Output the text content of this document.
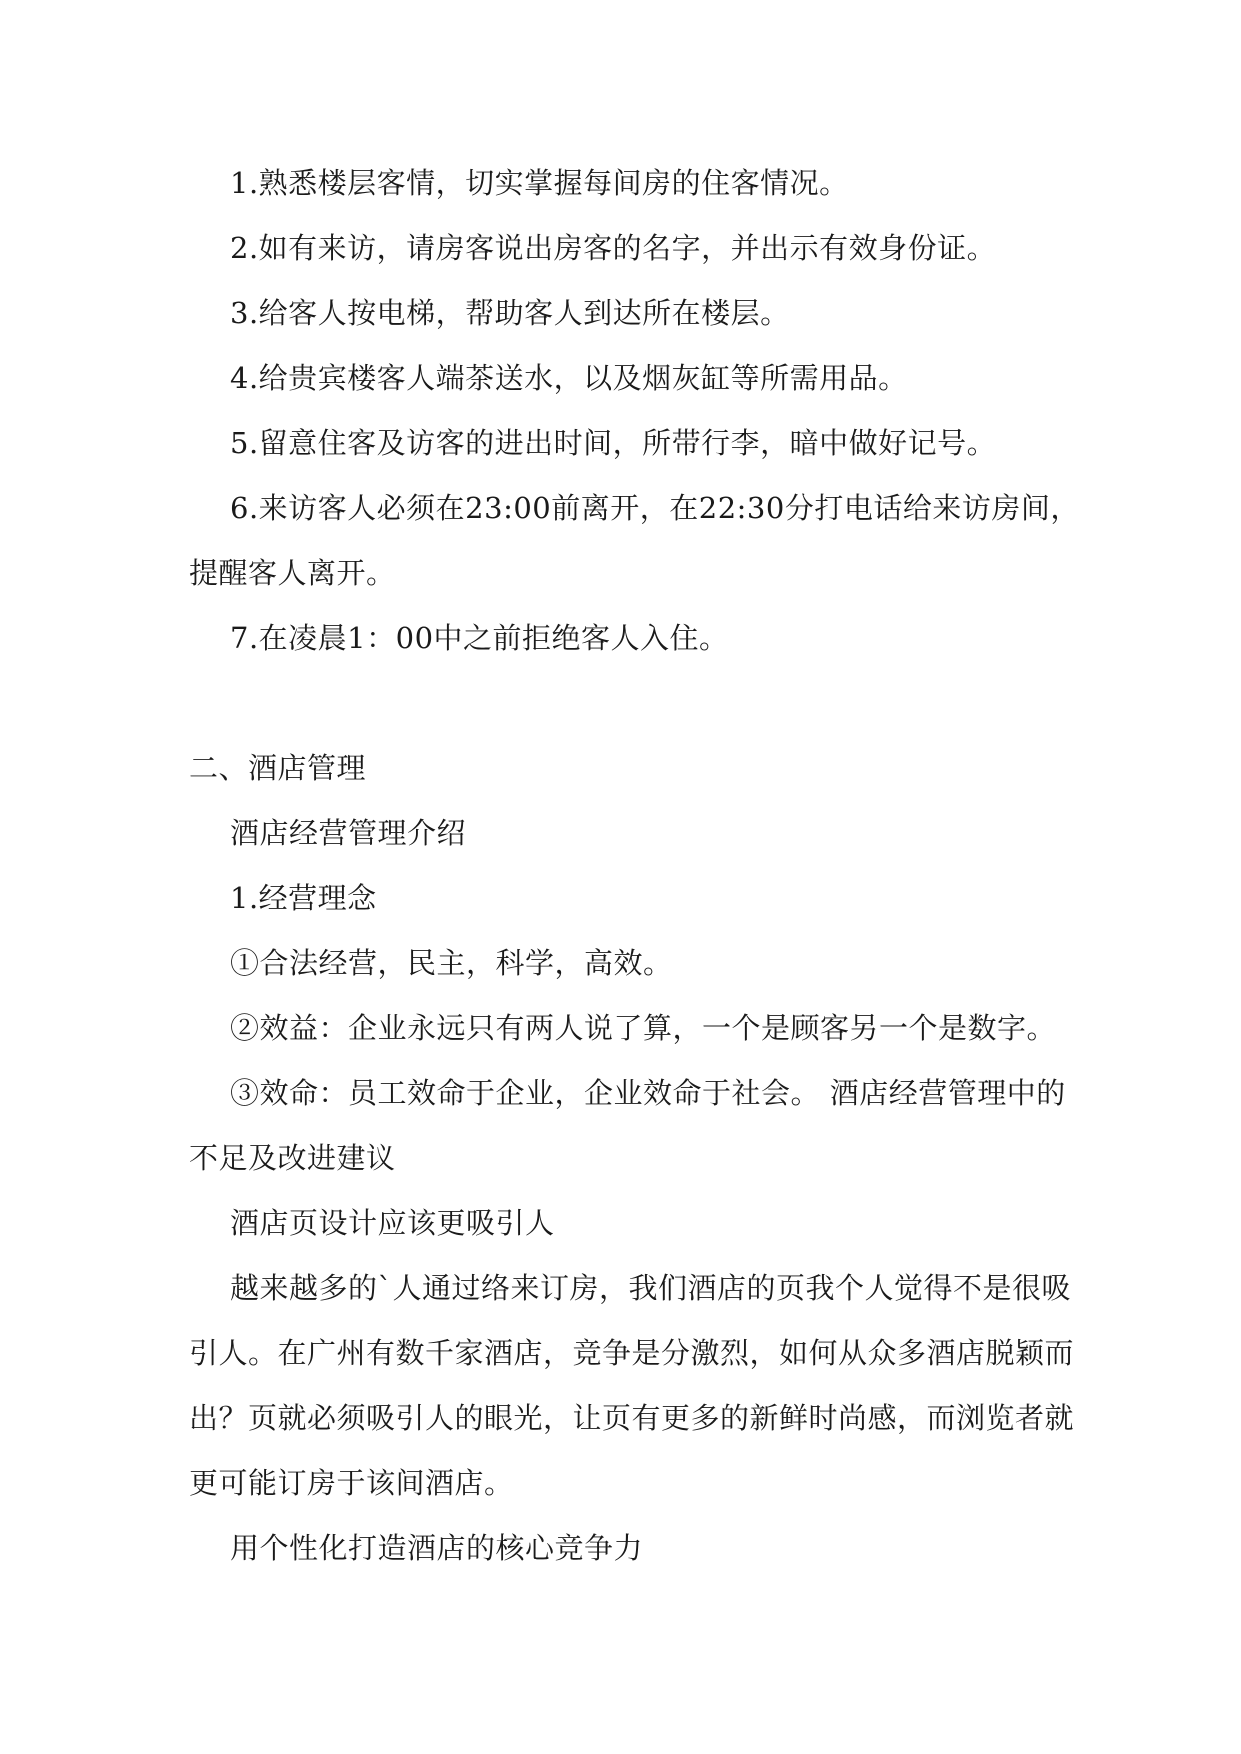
1.熟悉楼层客情，切实掌握每间房的住客情况。
2.如有来访，请房客说出房客的名字，并出示有效身份证。
3.给客人按电梯，帮助客人到达所在楼层。
4.给贵宾楼客人端茶送水，以及烟灰缸等所需用品。
5.留意住客及访客的进出时间，所带行李，暗中做好记号。
6.来访客人必须在23:00前离开，在22:30分打电话给来访房间，
提醒客人离开。
7.在凌晨1：00中之前拒绝客人入住。
二、酒店管理
酒店经营管理介绍
1.经营理念
①合法经营，民主，科学，高效。
②效益：企业永远只有两人说了算，一个是顾客另一个是数字。
③效命：员工效命于企业，企业效命于社会。 酒店经营管理中的
不足及改进建议
酒店页设计应该更吸引人
越来越多的`人通过络来订房，我们酒店的页我个人觉得不是很吸
引人。在广州有数千家酒店，竞争是分激烈，如何从众多酒店脱颖而
出？页就必须吸引人的眼光，让页有更多的新鲜时尚感，而浏览者就
更可能订房于该间酒店。
用个性化打造酒店的核心竞争力
